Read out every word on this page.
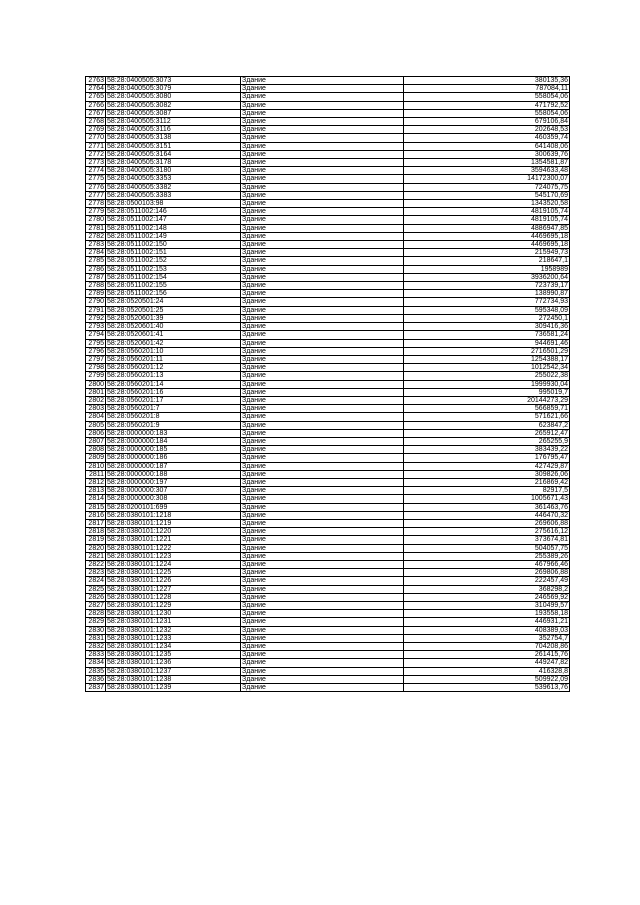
2763	58:28:0400505:3073	Здание	380135,36
2764	58:28:0400505:3079	Здание	787084,11
2765	58:28:0400505:3080	Здание	558054,06
2766	58:28:0400505:3082	Здание	471792,52
2767	58:28:0400505:3087	Здание	558054,06
2768	58:28:0400505:3112	Здание	679106,84
2769	58:28:0400505:3116	Здание	202648,53
2770	58:28:0400505:3138	Здание	460359,74
2771	58:28:0400505:3151	Здание	641408,06
2772	58:28:0400505:3164	Здание	300639,76
2773	58:28:0400505:3178	Здание	1354581,87
2774	58:28:0400505:3180	Здание	3594633,48
2775	58:28:0400505:3353	Здание	14172300,07
2776	58:28:0400505:3382	Здание	724075,75
2777	58:28:0400505:3383	Здание	545170,69
2778	58:28:0500103:98	Здание	1343520,58
2779	58:28:0511002:146	Здание	4819105,74
2780	58:28:0511002:147	Здание	4819105,74
2781	58:28:0511002:148	Здание	4886947,85
2782	58:28:0511002:149	Здание	4469695,18
2783	58:28:0511002:150	Здание	4469695,18
2784	58:28:0511002:151	Здание	215949,73
2785	58:28:0511002:152	Здание	218647,1
2786	58:28:0511002:153	Здание	1958989
2787	58:28:0511002:154	Здание	3936200,64
2788	58:28:0511002:155	Здание	723739,17
2789	58:28:0511002:156	Здание	138990,87
2790	58:28:0520501:24	Здание	772734,93
2791	58:28:0520501:25	Здание	595348,09
2792	58:28:0520601:39	Здание	272450,1
2793	58:28:0520601:40	Здание	309416,36
2794	58:28:0520601:41	Здание	736581,24
2795	58:28:0520601:42	Здание	944691,46
2796	58:28:0560201:10	Здание	2716501,29
2797	58:28:0560201:11	Здание	1254388,17
2798	58:28:0560201:12	Здание	1012542,34
2799	58:28:0560201:13	Здание	255022,38
2800	58:28:0560201:14	Здание	1999930,04
2801	58:28:0560201:16	Здание	995019,7
2802	58:28:0560201:17	Здание	20144273,29
2803	58:28:0560201:7	Здание	566859,71
2804	58:28:0560201:8	Здание	571621,66
2805	58:28:0560201:9	Здание	623847,2
2806	58:28:0000000:183	Здание	265912,47
2807	58:28:0000000:184	Здание	265255,9
2808	58:28:0000000:185	Здание	383439,22
2809	58:28:0000000:186	Здание	176795,47
2810	58:28:0000000:187	Здание	427429,87
2811	58:28:0000000:188	Здание	309826,06
2812	58:28:0000000:197	Здание	216869,42
2813	58:28:0000000:307	Здание	82917,5
2814	58:28:0000000:308	Здание	1005671,43
2815	58:28:0200101:699	Здание	361463,76
2816	58:28:0380101:1218	Здание	446470,32
2817	58:28:0380101:1219	Здание	269606,88
2818	58:28:0380101:1220	Здание	275616,12
2819	58:28:0380101:1221	Здание	373674,81
2820	58:28:0380101:1222	Здание	504057,75
2821	58:28:0380101:1223	Здание	255389,26
2822	58:28:0380101:1224	Здание	467966,46
2823	58:28:0380101:1225	Здание	269806,88
2824	58:28:0380101:1226	Здание	222457,49
2825	58:28:0380101:1227	Здание	368298,2
2826	58:28:0380101:1228	Здание	246569,92
2827	58:28:0380101:1229	Здание	310499,57
2828	58:28:0380101:1230	Здание	193558,18
2829	58:28:0380101:1231	Здание	446931,21
2830	58:28:0380101:1232	Здание	408389,03
2831	58:28:0380101:1233	Здание	352754,7
2832	58:28:0380101:1234	Здание	704208,86
2833	58:28:0380101:1235	Здание	261415,76
2834	58:28:0380101:1236	Здание	449247,82
2835	58:28:0380101:1237	Здание	416328,8
2836	58:28:0380101:1238	Здание	509922,09
2837	58:28:0380101:1239	Здание	539613,76
